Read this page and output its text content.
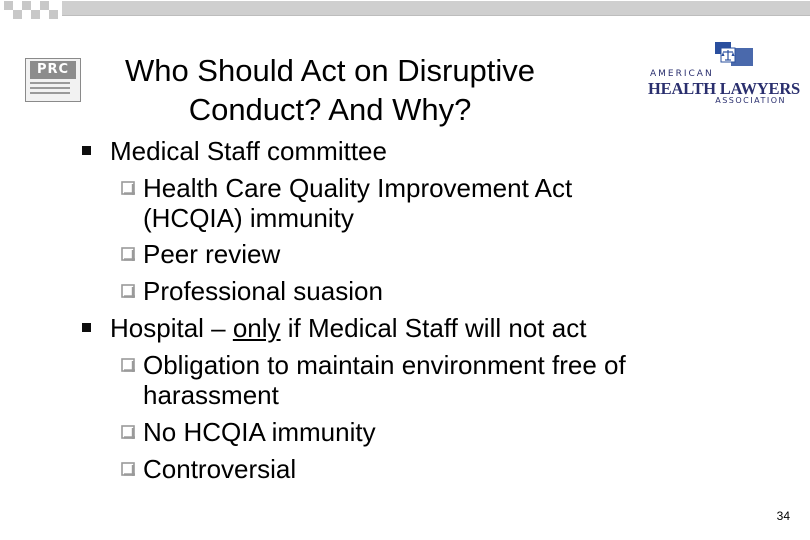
PRC	AMERICAN
HEALTH LAWYERS
ASSOCIATION
Who Should Act on Disruptive
Conduct? And Why?
Medical Staff committee
Health Care Quality Improvement Act
(HCQIA) immunity
Peer review
Professional suasion
Hospital – only if Medical Staff will not act
Obligation to maintain environment free of
harassment
No HCQIA immunity
Controversial
34
